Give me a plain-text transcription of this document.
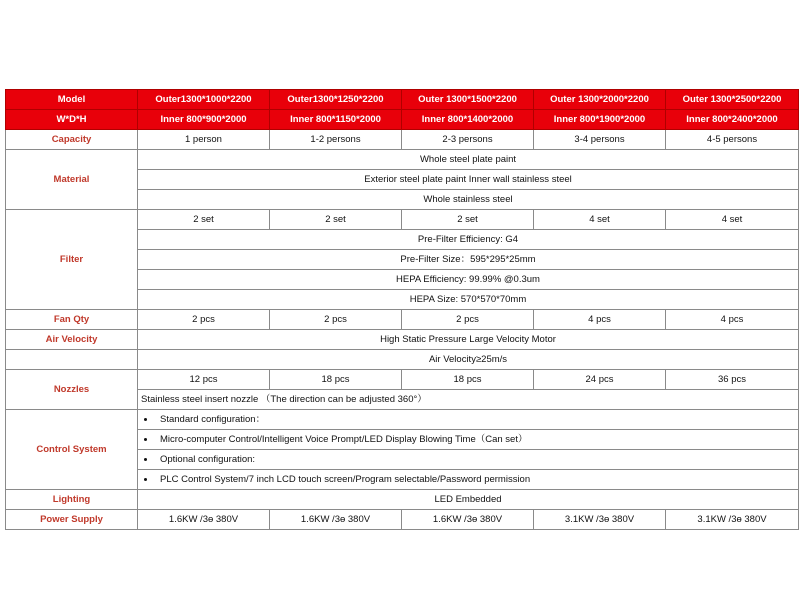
Model	Outer1300*1000*2200	Outer1300*1250*2200	Outer 1300*1500*2200	Outer 1300*2000*2200	Outer 1300*2500*2200
W*D*H	Inner 800*900*2000	Inner 800*1150*2000	Inner 800*1400*2000	Inner 800*1900*2000	Inner 800*2400*2000
Capacity	1 person	1-2 persons	2-3 persons	3-4 persons	4-5 persons
Material	Whole steel plate paint				
	Exterior steel plate paint Inner wall stainless steel				
	Whole stainless steel				
Filter	2 set	2 set	2 set	4 set	4 set
	Pre-Filter Efficiency: G4				
	Pre-Filter Size：595*295*25mm				
	HEPA Efficiency: 99.99% @0.3um				
	HEPA Size: 570*570*70mm				
Fan Qty	2 pcs	2 pcs	2 pcs	4 pcs	4 pcs
Air Velocity	High Static Pressure Large Velocity Motor				
	Air Velocity≥25m/s				
Nozzles	12 pcs	18 pcs	18 pcs	24 pcs	36 pcs
	Stainless steel insert nozzle （The direction can be adjusted 360°）				
Control System	Standard configuration：				

Micro-computer Control/Intelligent Voice Prompt/LED Display Blowing Time（Can set）				

Optional configuration:				

PLC Control System/7 inch LCD touch screen/Program selectable/Password permission				
Lighting	LED Embedded				
Power Supply	1.6KW /3ɵ 380V	1.6KW /3ɵ 380V	1.6KW /3ɵ 380V	3.1KW /3ɵ 380V	3.1KW /3ɵ 380V
